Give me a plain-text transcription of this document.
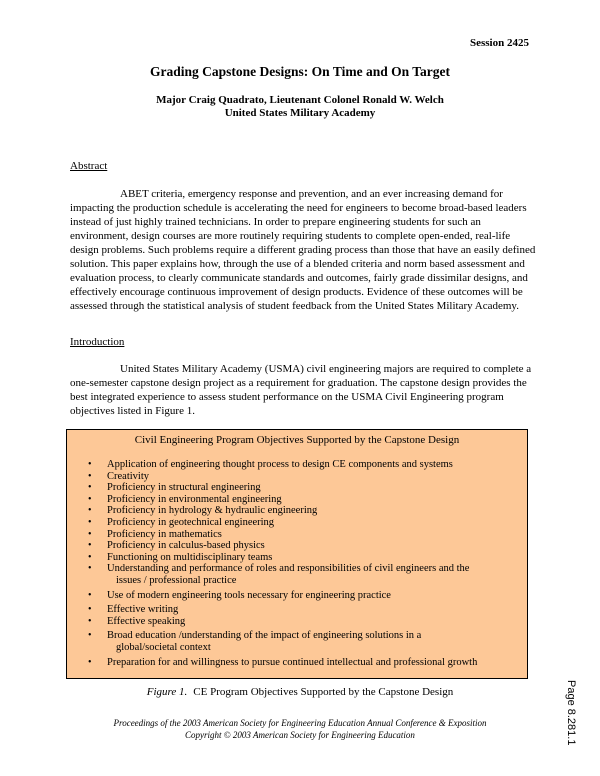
Session 2425
Grading Capstone Designs: On Time and On Target
Major Craig Quadrato, Lieutenant Colonel Ronald W. Welch
United States Military Academy
Abstract
ABET criteria, emergency response and prevention, and an ever increasing demand for impacting the production schedule is accelerating the need for engineers to become broad-based leaders instead of just highly trained technicians. In order to prepare engineering students for such an environment, design courses are more routinely requiring students to complete open-ended, real-life design problems. Such problems require a different grading process than those that have an easily defined solution. This paper explains how, through the use of a blended criteria and norm based assessment and evaluation process, to clearly communicate standards and outcomes, fairly grade dissimilar designs, and effectively encourage continuous improvement of design products. Evidence of these outcomes will be assessed through the statistical analysis of student feedback from the United States Military Academy.
Introduction
United States Military Academy (USMA) civil engineering majors are required to complete a one-semester capstone design project as a requirement for graduation. The capstone design provides the best integrated experience to assess student performance on the USMA Civil Engineering program objectives listed in Figure 1.
Civil Engineering Program Objectives Supported by the Capstone Design
• Application of engineering thought process to design CE components and systems
• Creativity
• Proficiency in structural engineering
• Proficiency in environmental engineering
• Proficiency in hydrology & hydraulic engineering
• Proficiency in geotechnical engineering
• Proficiency in mathematics
• Proficiency in calculus-based physics
• Functioning on multidisciplinary teams
• Understanding and performance of roles and responsibilities of civil engineers and the
issues / professional practice
• Use of modern engineering tools necessary for engineering practice
• Effective writing
• Effective speaking
• Broad education /understanding of the impact of engineering solutions in a
global/societal context
• Preparation for and willingness to pursue continued intellectual and professional growth
Figure 1. CE Program Objectives Supported by the Capstone Design
Proceedings of the 2003 American Society for Engineering Education Annual Conference & Exposition
Copyright © 2003 American Society for Engineering Education	Page 8.281.1
